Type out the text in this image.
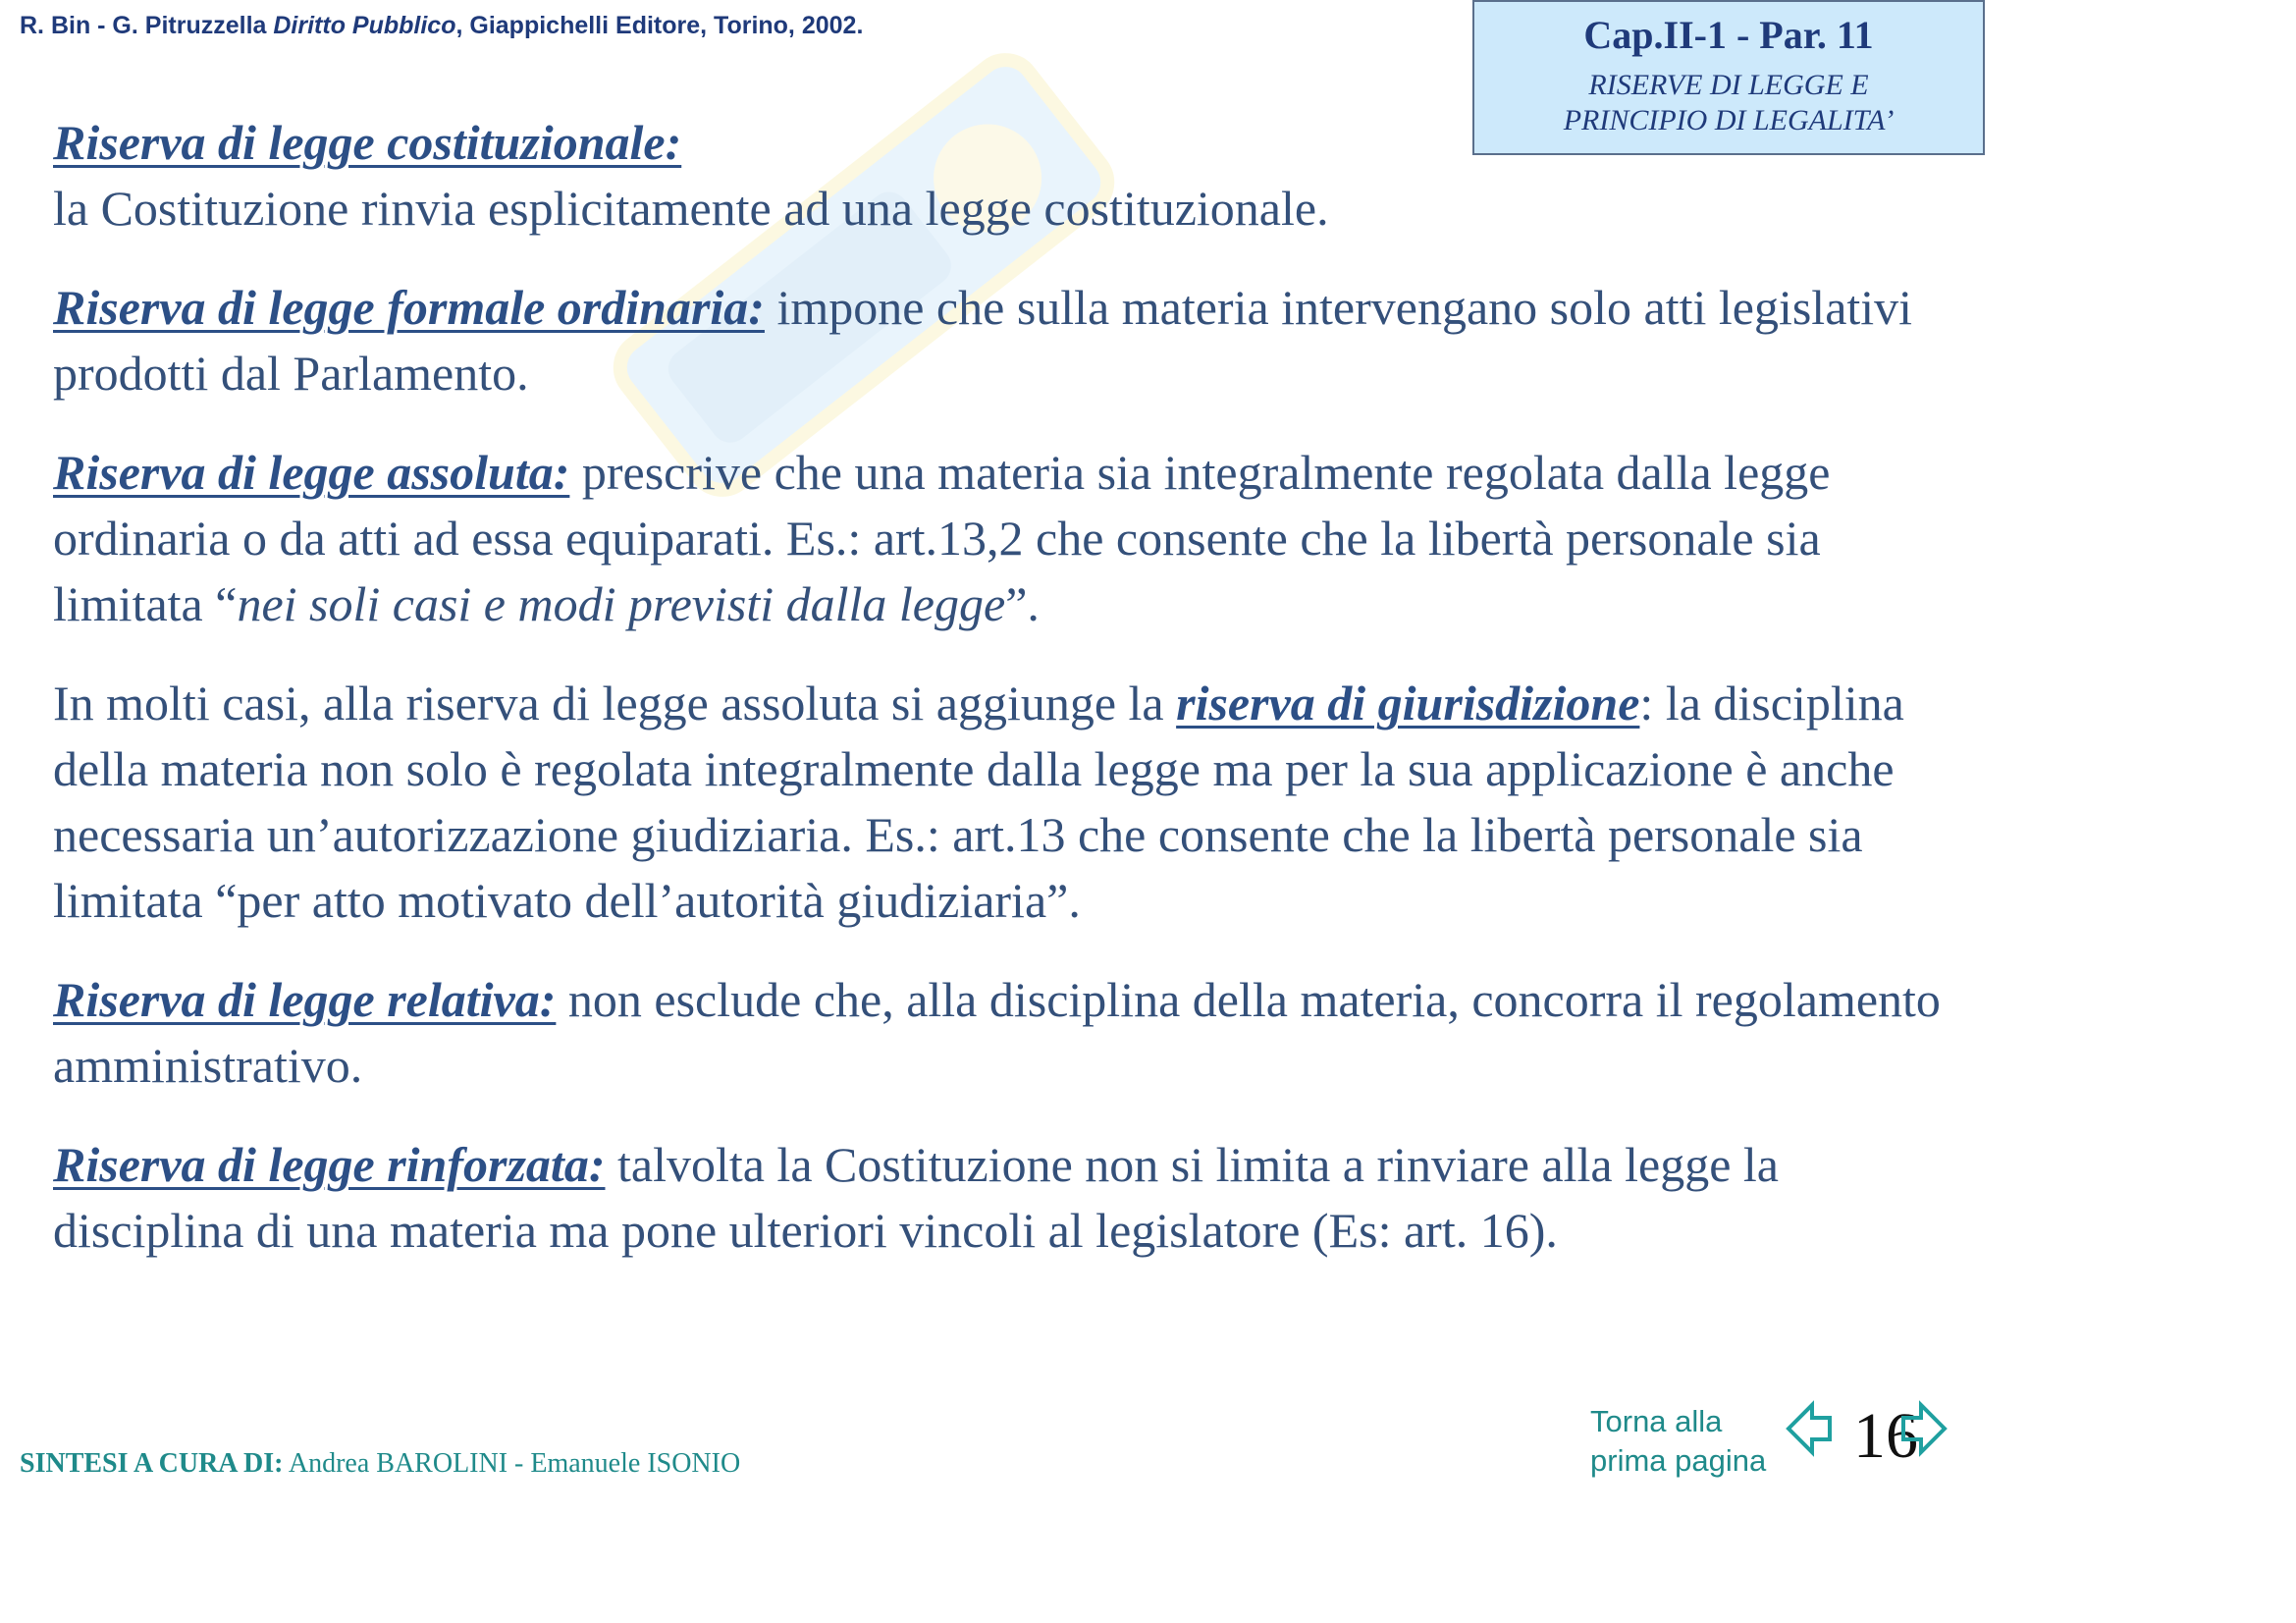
R. Bin - G. Pitruzzella Diritto Pubblico, Giappichelli Editore, Torino, 2002.	Cap.II-1 - Par. 11
RISERVE DI LEGGE E
PRINCIPIO DI LEGALITA’

Riserva di legge costituzionale:
la Costituzione rinvia esplicitamente ad una legge costituzionale.

Riserva di legge formale ordinaria: impone che sulla materia intervengano solo atti legislativi prodotti dal Parlamento.

Riserva di legge assoluta: prescrive che una materia sia integralmente regolata dalla legge ordinaria o da atti ad essa equiparati. Es.: art.13,2 che consente che la libertà personale sia limitata “nei soli casi e modi previsti dalla legge”.

In molti casi, alla riserva di legge assoluta si aggiunge la riserva di giurisdizione: la disciplina della materia non solo è regolata integralmente dalla legge ma per la sua applicazione è anche necessaria un’autorizzazione giudiziaria. Es.: art.13 che consente che la libertà personale sia limitata “per atto motivato dell’autorità giudiziaria”.

Riserva di legge relativa: non esclude che, alla disciplina della materia, concorra il regolamento amministrativo.

Riserva di legge rinforzata: talvolta la Costituzione non si limita a rinviare alla legge la disciplina di una materia ma pone ulteriori vincoli al legislatore (Es: art. 16).

SINTESI A CURA DI: Andrea BAROLINI - Emanuele ISONIO
Torna alla
prima pagina 16
